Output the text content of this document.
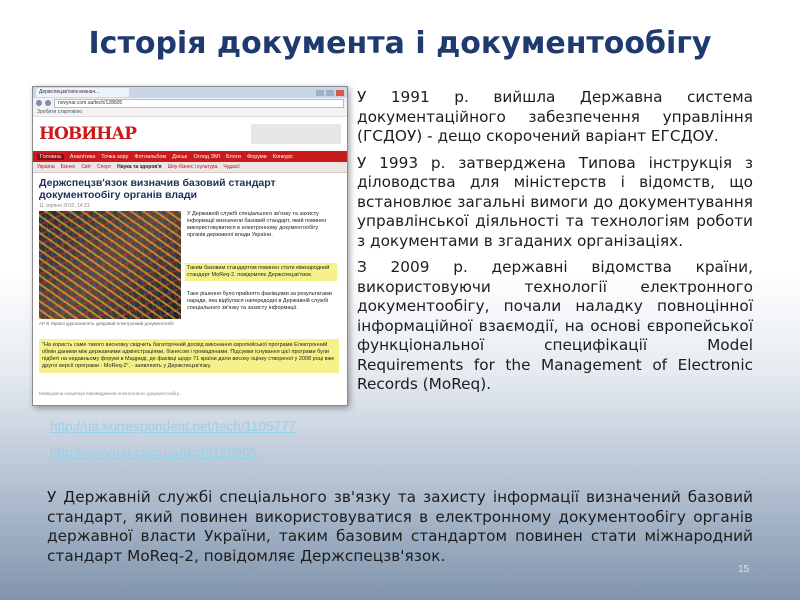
Історія документа і документообігу
Держспецзв'язок визнач...
novynar.com.ua/tech/128605
Зробити стартовою
НОВИНАР
Головна	Аналітика Точка зору Фотоальбом Досьє Огляд ЗМІ Блоги Форуми Конкурс
Україна Бізнес Світ Спорт Наука та здоров'я Шоу-бізнес і культура Чудасії
Держспецзв'язок визначив базовий стандарт документообігу органів влади
11 серпня 2010, 14:21
AP В Україні удосконалять урядовий електронний документообіг
У Державній службі спеціального зв'язку та захисту інформації визначили базовий стандарт, який повинен використовуватися в електронному документообігу органів державної влади України.
Таким базовим стандартом повинен стати міжнародний стандарт MoReq-2, повідомляє Держспецзв'язок.
Таке рішення було прийнято фахівцями за результатами наради, яка відбулася напередодні в Державній службі спеціального зв'язку та захисту інформації.
"На користь саме такого висновку свідчить багаторічний досвід виконання європейської програми Електронний обмін даними між державними адміністраціями, бізнесом і громадянами. Підсумки існування цієї програми були підбиті на недавньому форумі в Мадриді, де фахівці щодо 71 країни дали високу оцінку створеної у 2008 році вже другої версії програми - MoReq-2", - заявляють у Держспецзв'язку.
Міжвідомча концепція впровадження електронного документообігу...
http://ua.korrespondent.net/tech/1105777
http://novynar.com.ua/tech/128605

У 1991 р. вийшла Державна система документаційного забезпечення управління (ГСДОУ) - дещо скорочений варіант ЕГСДОУ.

У 1993 р. затверджена Типова інструкція з діловодства для міністерств і відомств, що встановлює загальні вимоги до документування управлінської діяльності та технологіям роботи з документами в згаданих організаціях.

З 2009 р. державні відомства країни, використовуючи технології електронного документообігу, почали наладку повноцінної інформаційної взаємодії, на основі європейської функціональної специфікації Model Requirements for the Management of Electronic Records (MoReq).

У Державній службі спеціального зв'язку та захисту інформації визначений базовий стандарт, який повинен використовуватися в електронному документообігу органів державної власти України, таким базовим стандартом повинен стати міжнародний стандарт MoReq-2, повідомляє Держспецзв'язок.

15
